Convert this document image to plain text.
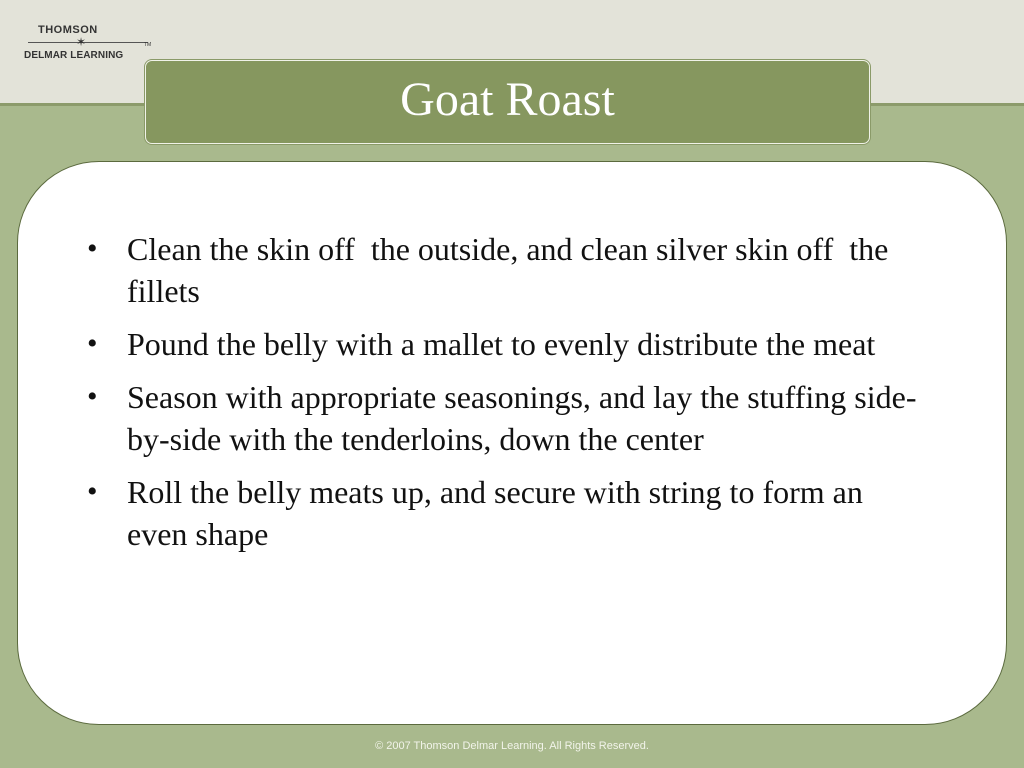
THOMSON
✶	TM
DELMAR LEARNING
Goat Roast
• Clean the skin off  the outside, and clean silver skin off  the fillets
• Pound the belly with a mallet to evenly distribute the meat
• Season with appropriate seasonings, and lay the stuffing side-by-side with the tenderloins, down the center
• Roll the belly meats up, and secure with string to form an even shape
© 2007 Thomson Delmar Learning. All Rights Reserved.
